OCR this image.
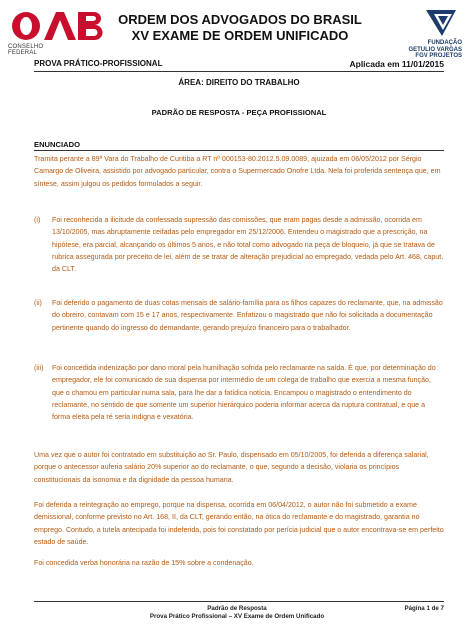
CONSELHO FEDERAL
ORDEM DOS ADVOGADOS DO BRASIL
XV EXAME DE ORDEM UNIFICADO	FUNDAÇÃO
GETULIO VARGAS
FGV PROJETOS
PROVA PRÁTICO-PROFISSIONAL	Aplicada em 11/01/2015
ÁREA: DIREITO DO TRABALHO
PADRÃO DE RESPOSTA - PEÇA PROFISSIONAL
ENUNCIADO
Tramita perante a 89ª Vara do Trabalho de Curitiba a RT nº 000153-80.2012.5.09.0089, ajuizada em 06/05/2012 por Sérgio Camargo de Oliveira, assistido por advogado particular, contra o Supermercado Onofre Ltda. Nela foi proferida sentença que, em síntese, assim julgou os pedidos formulados a seguir.
(i)	Foi reconhecida a ilicitude da confessada supressão das comissões, que eram pagas desde a admissão, ocorrida em 13/10/2005, mas abruptamente ceifadas pelo empregador em 25/12/2006. Entendeu o magistrado que a prescrição, na hipótese, era parcial, alcançando os últimos 5 anos, e não total como advogado na peça de bloqueio, já que se tratava de rubrica assegurada por preceito de lei, além de se tratar de alteração prejudicial ao empregado, vedada pelo Art. 468, caput, da CLT.
(ii)	Foi deferido o pagamento de duas cotas mensais de salário-família para os filhos capazes do reclamante, que, na admissão do obreiro, contavam com 15 e 17 anos, respectivamente. Enfatizou o magistrado que não foi solicitada a documentação pertinente quando do ingresso do demandante, gerando prejuízo financeiro para o trabalhador.
(iii)	Foi concedida indenização por dano moral pela humilhação sofrida pelo reclamante na saída. É que, por determinação do empregador, ele foi comunicado de sua dispensa por intermédio de um colega de trabalho que exercia a mesma função, que o chamou em particular numa sala, para lhe dar a fatídica notícia. Encampou o magistrado o entendimento do reclamante, no sentido de que somente um superior hierárquico poderia informar acerca da ruptura contratual, e que a forma eleita pela ré seria indigna e vexatória.
Uma vez que o autor foi contratado em substituição ao Sr. Paulo, dispensado em 05/10/2005, foi deferida a diferença salarial, porque o antecessor auferia salário 20% superior ao do reclamante, o que, segundo a decisão, violaria os princípios constitucionais da isonomia e da dignidade da pessoa humana.
Foi deferida a reintegração ao emprego, porque na dispensa, ocorrida em 06/04/2012, o autor não foi submetido a exame demissional, conforme previsto no Art. 168, II, da CLT, gerando então, na ótica do reclamante e do magistrado, garantia no emprego. Contudo, a tutela antecipada foi indeferida, pois foi constatado por perícia judicial que o autor encontrava-se em perfeito estado de saúde.
Foi concedida verba honorária na razão de 15% sobre a condenação.
Padrão de Resposta
Prova Prático Profissional – XV Exame de Ordem Unificado
Página 1 de 7
